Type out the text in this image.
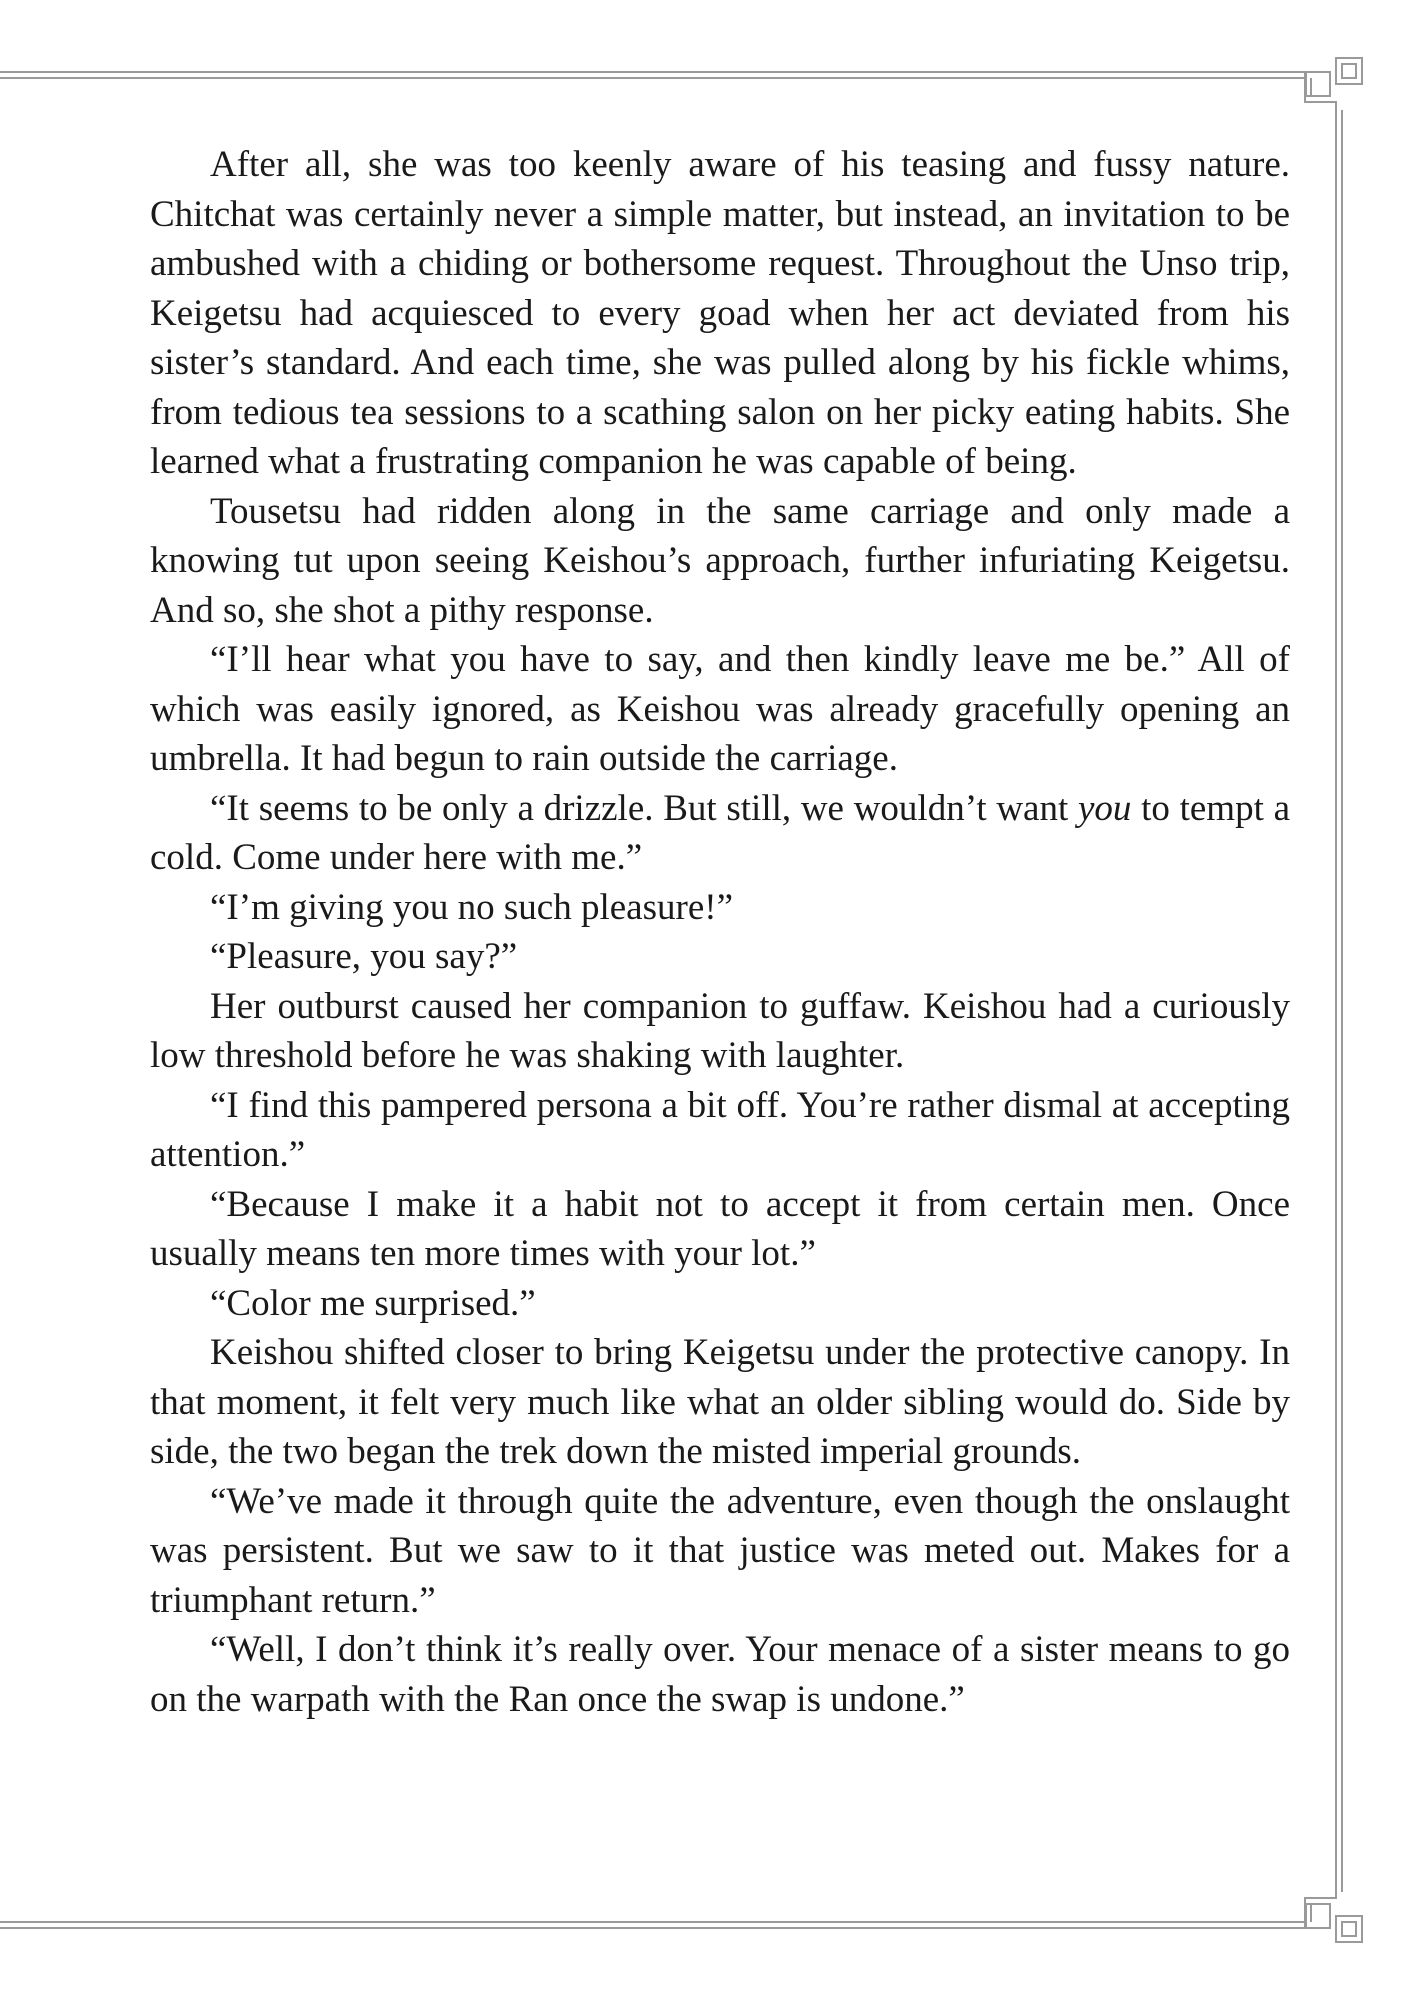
After all, she was too keenly aware of his teasing and fussy nature. Chitchat was certainly never a simple matter, but instead, an invitation to be ambushed with a chiding or bothersome request. Throughout the Unso trip, Keigetsu had acquiesced to every goad when her act deviated from his sister’s standard. And each time, she was pulled along by his fickle whims, from tedious tea sessions to a scathing salon on her picky eating habits. She learned what a frustrating companion he was capable of being.

Tousetsu had ridden along in the same carriage and only made a knowing tut upon seeing Keishou’s approach, further infuriating Keigetsu. And so, she shot a pithy response.

“I’ll hear what you have to say, and then kindly leave me be.” All of which was easily ignored, as Keishou was already gracefully opening an umbrella. It had begun to rain outside the carriage.

“It seems to be only a drizzle. But still, we wouldn’t want you to tempt a cold. Come under here with me.”

“I’m giving you no such pleasure!”

“Pleasure, you say?”

Her outburst caused her companion to guffaw. Keishou had a curiously low threshold before he was shaking with laughter.

“I find this pampered persona a bit off. You’re rather dismal at accepting attention.”

“Because I make it a habit not to accept it from certain men. Once usually means ten more times with your lot.”

“Color me surprised.”

Keishou shifted closer to bring Keigetsu under the protective canopy. In that moment, it felt very much like what an older sibling would do. Side by side, the two began the trek down the misted imperial grounds.

“We’ve made it through quite the adventure, even though the onslaught was persistent. But we saw to it that justice was meted out. Makes for a triumphant return.”

“Well, I don’t think it’s really over. Your menace of a sister means to go on the warpath with the Ran once the swap is undone.”
